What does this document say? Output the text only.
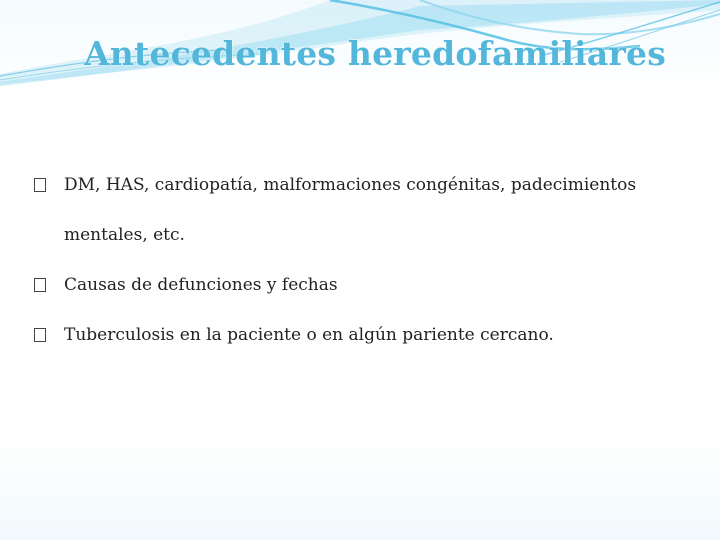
Antecedentes heredofamiliares
DM, HAS, cardiopatía, malformaciones congénitas, padecimientos mentales, etc.
Causas de defunciones y fechas
Tuberculosis en la paciente o en algún pariente cercano.
